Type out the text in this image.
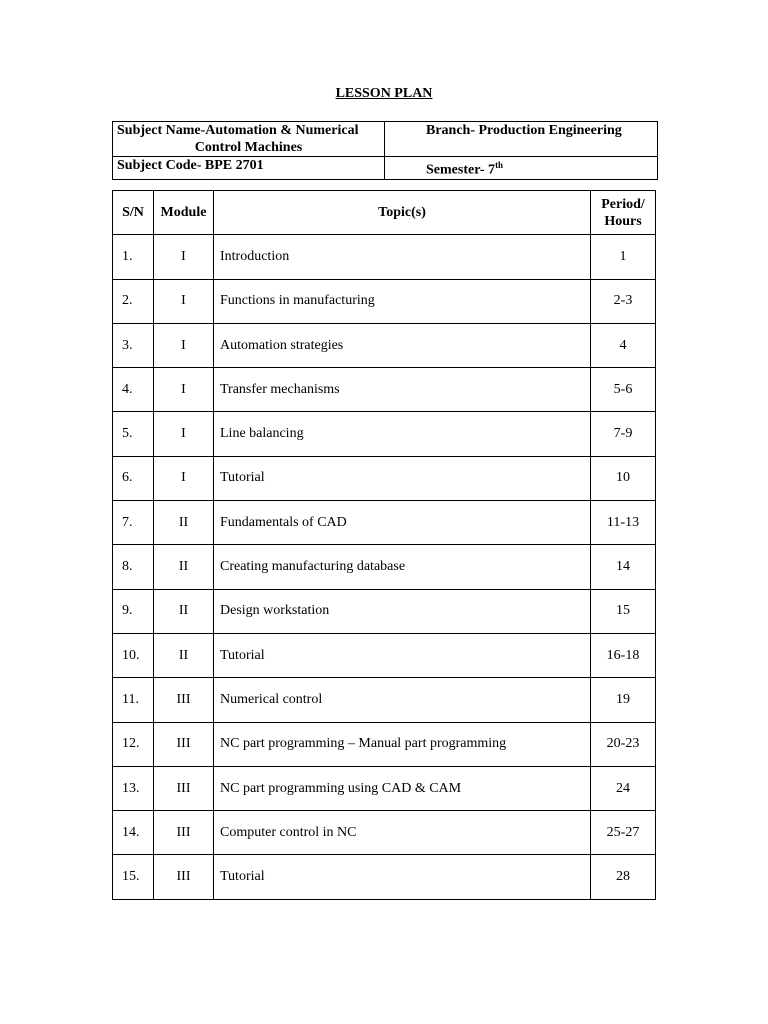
LESSON PLAN
Subject Name-Automation & Numerical
Control Machines	Branch- Production Engineering
Subject Code- BPE 2701	Semester- 7th
S/N	Module	Topic(s)	Period/
Hours
1.	I	Introduction	1
2.	I	Functions in manufacturing	2-3
3.	I	Automation strategies	4
4.	I	Transfer mechanisms	5-6
5.	I	Line balancing	7-9
6.	I	Tutorial	10
7.	II	Fundamentals of CAD	11-13
8.	II	Creating manufacturing database	14
9.	II	Design workstation	15
10.	II	Tutorial	16-18
11.	III	Numerical control	19
12.	III	NC part programming – Manual part programming	20-23
13.	III	NC part programming using CAD & CAM	24
14.	III	Computer control in NC	25-27
15.	III	Tutorial	28
